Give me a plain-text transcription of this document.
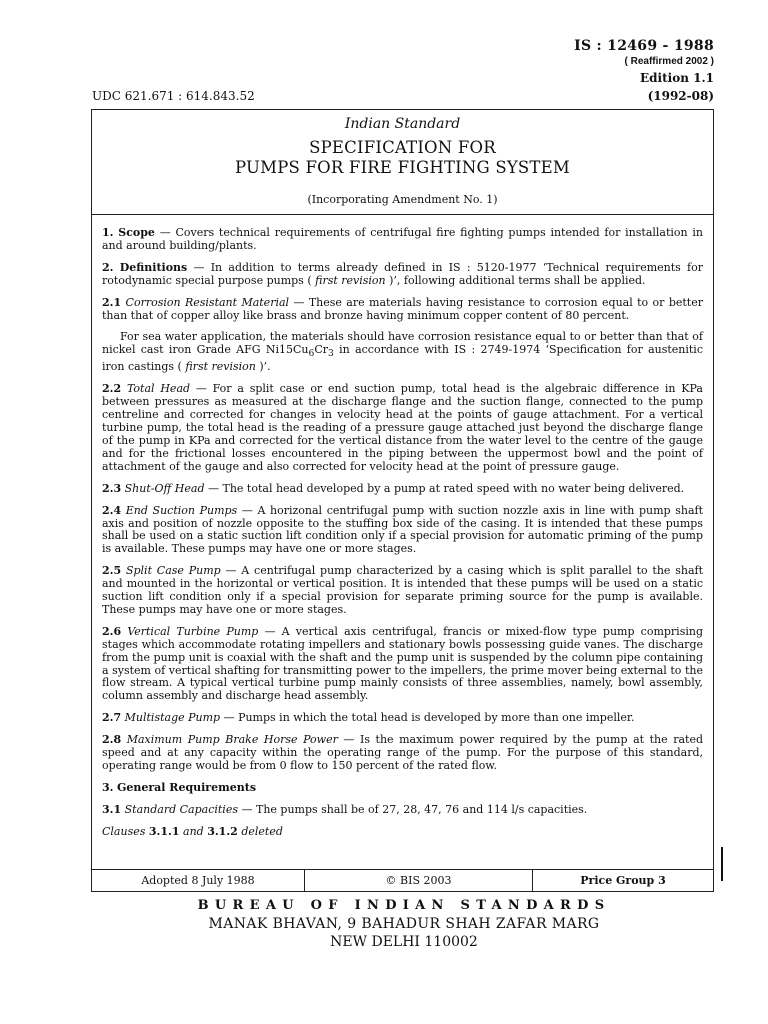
IS : 12469 - 1988
( Reaffirmed 2002 )
Edition 1.1
(1992-08)
UDC 621.671 : 614.843.52
Indian Standard
SPECIFICATION FOR
PUMPS FOR FIRE FIGHTING SYSTEM
(Incorporating Amendment No. 1)

1. Scope — Covers technical requirements of centrifugal fire fighting pumps intended for installation in and around building/plants.

2. Definitions — In addition to terms already defined in IS : 5120-1977 ‘Technical requirements for rotodynamic special purpose pumps ( first revision )’, following additional terms shall be applied.

2.1 Corrosion Resistant Material — These are materials having resistance to corrosion equal to or better than that of copper alloy like brass and bronze having minimum copper content of 80 percent.

For sea water application, the materials should have corrosion resistance equal to or better than that of nickel cast iron Grade AFG $Ni15Cu_6Cr_3$ in accordance with IS : 2749-1974 ‘Specification for austenitic iron castings ( first revision )’.

2.2 Total Head — For a split case or end suction pump, total head is the algebraic difference in KPa between pressures as measured at the discharge flange and the suction flange, connected to the pump centreline and corrected for changes in velocity head at the points of gauge attachment. For a vertical turbine pump, the total head is the reading of a pressure gauge attached just beyond the discharge flange of the pump in KPa and corrected for the vertical distance from the water level to the centre of the gauge and for the frictional losses encountered in the piping between the uppermost bowl and the point of attachment of the gauge and also corrected for velocity head at the point of pressure gauge.

2.3 Shut-Off Head — The total head developed by a pump at rated speed with no water being delivered.

2.4 End Suction Pumps — A horizonal centrifugal pump with suction nozzle axis in line with pump shaft axis and position of nozzle opposite to the stuffing box side of the casing. It is intended that these pumps shall be used on a static suction lift condition only if a special provision for automatic priming of the pump is available. These pumps may have one or more stages.

2.5 Split Case Pump — A centrifugal pump characterized by a casing which is split parallel to the shaft and mounted in the horizontal or vertical position. It is intended that these pumps will be used on a static suction lift condition only if a special provision for separate priming source for the pump is available. These pumps may have one or more stages.

2.6 Vertical Turbine Pump — A vertical axis centrifugal, francis or mixed-flow type pump comprising stages which accommodate rotating impellers and stationary bowls possessing guide vanes. The discharge from the pump unit is coaxial with the shaft and the pump unit is suspended by the column pipe containing a system of vertical shafting for transmitting power to the impellers, the prime mover being external to the flow stream. A typical vertical turbine pump mainly consists of three assemblies, namely, bowl assembly, column assembly and discharge head assembly.

2.7 Multistage Pump — Pumps in which the total head is developed by more than one impeller.

2.8 Maximum Pump Brake Horse Power — Is the maximum power required by the pump at the rated speed and at any capacity within the operating range of the pump. For the purpose of this standard, operating range would be from 0 flow to 150 percent of the rated flow.

3. General Requirements

3.1 Standard Capacities — The pumps shall be of 27, 28, 47, 76 and 114 l/s capacities.

Clauses 3.1.1 and 3.1.2 deleted

Adopted 8 July 1988	© BIS 2003	Price Group 3
BUREAU OF INDIAN STANDARDS
MANAK BHAVAN, 9 BAHADUR SHAH ZAFAR MARG
NEW DELHI 110002
